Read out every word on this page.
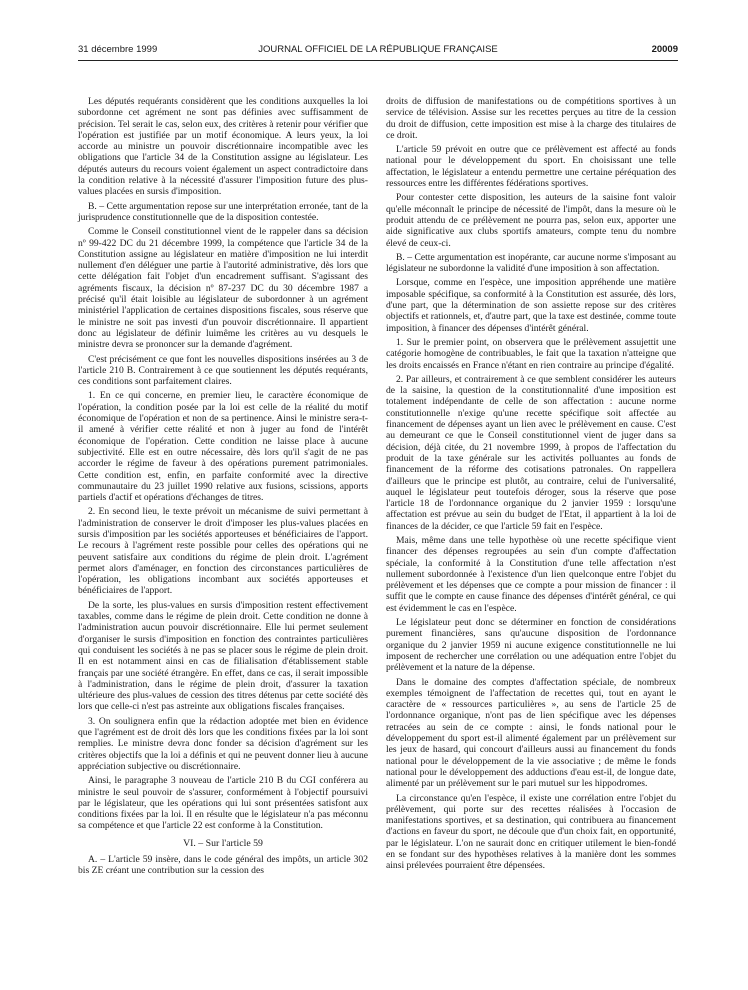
31 décembre 1999	JOURNAL OFFICIEL DE LA RÉPUBLIQUE FRANÇAISE	20009

Les députés requérants considèrent que les conditions auxquelles la loi subordonne cet agrément ne sont pas définies avec suffisamment de précision. Tel serait le cas, selon eux, des critères à retenir pour vérifier que l'opération est justifiée par un motif économique. A leurs yeux, la loi accorde au ministre un pouvoir discrétionnaire incompatible avec les obligations que l'article 34 de la Constitution assigne au législateur. Les députés auteurs du recours voient également un aspect contradictoire dans la condition relative à la nécessité d'assurer l'imposition future des plus-values placées en sursis d'imposition.

B. – Cette argumentation repose sur une interprétation erronée, tant de la jurisprudence constitutionnelle que de la disposition contestée.

Comme le Conseil constitutionnel vient de le rappeler dans sa décision nº 99-422 DC du 21 décembre 1999, la compétence que l'article 34 de la Constitution assigne au législateur en matière d'imposition ne lui interdit nullement d'en déléguer une partie à l'autorité administrative, dès lors que cette délégation fait l'objet d'un encadrement suffisant. S'agissant des agréments fiscaux, la décision nº 87-237 DC du 30 décembre 1987 a précisé qu'il était loisible au législateur de subordonner à un agrément ministériel l'application de certaines dispositions fiscales, sous réserve que le ministre ne soit pas investi d'un pouvoir discrétionnaire. Il appartient donc au législateur de définir luimême les critères au vu desquels le ministre devra se prononcer sur la demande d'agrément.

C'est précisément ce que font les nouvelles dispositions insérées au 3 de l'article 210 B. Contrairement à ce que soutiennent les députés requérants, ces conditions sont parfaitement claires.

1. En ce qui concerne, en premier lieu, le caractère économique de l'opération, la condition posée par la loi est celle de la réalité du motif économique de l'opération et non de sa pertinence. Ainsi le ministre sera-t-il amené à vérifier cette réalité et non à juger au fond de l'intérêt économique de l'opération. Cette condition ne laisse place à aucune subjectivité. Elle est en outre nécessaire, dès lors qu'il s'agit de ne pas accorder le régime de faveur à des opérations purement patrimoniales. Cette condition est, enfin, en parfaite conformité avec la directive communautaire du 23 juillet 1990 relative aux fusions, scissions, apports partiels d'actif et opérations d'échanges de titres.

2. En second lieu, le texte prévoit un mécanisme de suivi permettant à l'administration de conserver le droit d'imposer les plus-values placées en sursis d'imposition par les sociétés apporteuses et bénéficiaires de l'apport. Le recours à l'agrément reste possible pour celles des opérations qui ne peuvent satisfaire aux conditions du régime de plein droit. L'agrément permet alors d'aménager, en fonction des circonstances particulières de l'opération, les obligations incombant aux sociétés apporteuses et bénéficiaires de l'apport.

De la sorte, les plus-values en sursis d'imposition restent effectivement taxables, comme dans le régime de plein droit. Cette condition ne donne à l'administration aucun pouvoir discrétionnaire. Elle lui permet seulement d'organiser le sursis d'imposition en fonction des contraintes particulières qui conduisent les sociétés à ne pas se placer sous le régime de plein droit. Il en est notamment ainsi en cas de filialisation d'établissement stable français par une société étrangère. En effet, dans ce cas, il serait impossible à l'administration, dans le régime de plein droit, d'assurer la taxation ultérieure des plus-values de cession des titres détenus par cette société dès lors que celle-ci n'est pas astreinte aux obligations fiscales françaises.

3. On soulignera enfin que la rédaction adoptée met bien en évidence que l'agrément est de droit dès lors que les conditions fixées par la loi sont remplies. Le ministre devra donc fonder sa décision d'agrément sur les critères objectifs que la loi a définis et qui ne peuvent donner lieu à aucune appréciation subjective ou discrétionnaire.

Ainsi, le paragraphe 3 nouveau de l'article 210 B du CGI conférera au ministre le seul pouvoir de s'assurer, conformément à l'objectif poursuivi par le législateur, que les opérations qui lui sont présentées satisfont aux conditions fixées par la loi. Il en résulte que le législateur n'a pas méconnu sa compétence et que l'article 22 est conforme à la Constitution.

VI. – Sur l'article 59

A. – L'article 59 insère, dans le code général des impôts, un article 302 bis ZE créant une contribution sur la cession des

droits de diffusion de manifestations ou de compétitions sportives à un service de télévision. Assise sur les recettes perçues au titre de la cession du droit de diffusion, cette imposition est mise à la charge des titulaires de ce droit.

L'article 59 prévoit en outre que ce prélèvement est affecté au fonds national pour le développement du sport. En choisissant une telle affectation, le législateur a entendu permettre une certaine péréquation des ressources entre les différentes fédérations sportives.

Pour contester cette disposition, les auteurs de la saisine font valoir qu'elle méconnaît le principe de nécessité de l'impôt, dans la mesure où le produit attendu de ce prélèvement ne pourra pas, selon eux, apporter une aide significative aux clubs sportifs amateurs, compte tenu du nombre élevé de ceux-ci.

B. – Cette argumentation est inopérante, car aucune norme s'imposant au législateur ne subordonne la validité d'une imposition à son affectation.

Lorsque, comme en l'espèce, une imposition appréhende une matière imposable spécifique, sa conformité à la Constitution est assurée, dès lors, d'une part, que la détermination de son assiette repose sur des critères objectifs et rationnels, et, d'autre part, que la taxe est destinée, comme toute imposition, à financer des dépenses d'intérêt général.

1. Sur le premier point, on observera que le prélèvement assujettit une catégorie homogène de contribuables, le fait que la taxation n'atteigne que les droits encaissés en France n'étant en rien contraire au principe d'égalité.

2. Par ailleurs, et contrairement à ce que semblent considérer les auteurs de la saisine, la question de la constitutionnalité d'une imposition est totalement indépendante de celle de son affectation : aucune norme constitutionnelle n'exige qu'une recette spécifique soit affectée au financement de dépenses ayant un lien avec le prélèvement en cause. C'est au demeurant ce que le Conseil constitutionnel vient de juger dans sa décision, déjà citée, du 21 novembre 1999, à propos de l'affectation du produit de la taxe générale sur les activités polluantes au fonds de financement de la réforme des cotisations patronales. On rappellera d'ailleurs que le principe est plutôt, au contraire, celui de l'universalité, auquel le législateur peut toutefois déroger, sous la réserve que pose l'article 18 de l'ordonnance organique du 2 janvier 1959 : lorsqu'une affectation est prévue au sein du budget de l'Etat, il appartient à la loi de finances de la décider, ce que l'article 59 fait en l'espèce.

Mais, même dans une telle hypothèse où une recette spécifique vient financer des dépenses regroupées au sein d'un compte d'affectation spéciale, la conformité à la Constitution d'une telle affectation n'est nullement subordonnée à l'existence d'un lien quelconque entre l'objet du prélèvement et les dépenses que ce compte a pour mission de financer : il suffit que le compte en cause finance des dépenses d'intérêt général, ce qui est évidemment le cas en l'espèce.

Le législateur peut donc se déterminer en fonction de considérations purement financières, sans qu'aucune disposition de l'ordonnance organique du 2 janvier 1959 ni aucune exigence constitutionnelle ne lui imposent de rechercher une corrélation ou une adéquation entre l'objet du prélèvement et la nature de la dépense.

Dans le domaine des comptes d'affectation spéciale, de nombreux exemples témoignent de l'affectation de recettes qui, tout en ayant le caractère de « ressources particulières », au sens de l'article 25 de l'ordonnance organique, n'ont pas de lien spécifique avec les dépenses retracées au sein de ce compte : ainsi, le fonds national pour le développement du sport est-il alimenté également par un prélèvement sur les jeux de hasard, qui concourt d'ailleurs aussi au financement du fonds national pour le développement de la vie associative ; de même le fonds national pour le développement des adductions d'eau est-il, de longue date, alimenté par un prélèvement sur le pari mutuel sur les hippodromes.

La circonstance qu'en l'espèce, il existe une corrélation entre l'objet du prélèvement, qui porte sur des recettes réalisées à l'occasion de manifestations sportives, et sa destination, qui contribuera au financement d'actions en faveur du sport, ne découle que d'un choix fait, en opportunité, par le législateur. L'on ne saurait donc en critiquer utilement le bien-fondé en se fondant sur des hypothèses relatives à la manière dont les sommes ainsi prélevées pourraient être dépensées.
